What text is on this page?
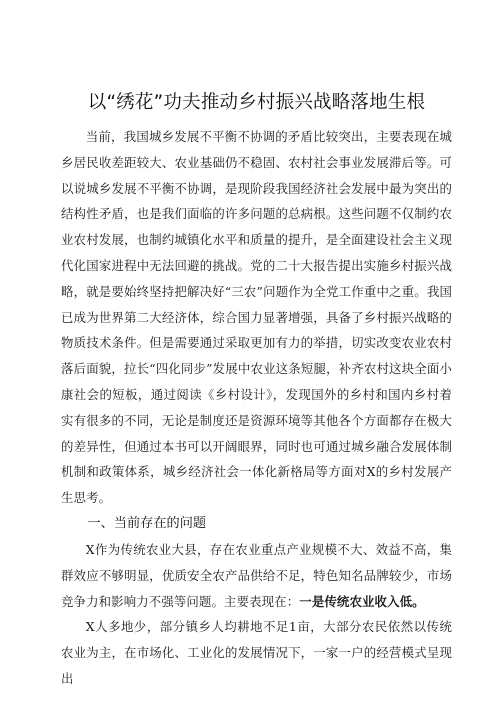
以“绣花”功夫推动乡村振兴战略落地生根

当前，我国城乡发展不平衡不协调的矛盾比较突出，主要表现在城乡居民收差距较大、农业基础仍不稳固、农村社会事业发展滞后等。可以说城乡发展不平衡不协调，是现阶段我国经济社会发展中最为突出的结构性矛盾，也是我们面临的许多问题的总病根。这些问题不仅制约农业农村发展，也制约城镇化水平和质量的提升，是全面建设社会主义现代化国家进程中无法回避的挑战。党的二十大报告提出实施乡村振兴战略，就是要始终坚持把解决好“三农”问题作为全党工作重中之重。我国已成为世界第二大经济体，综合国力显著增强，具备了乡村振兴战略的物质技术条件。但是需要通过采取更加有力的举措，切实改变农业农村落后面貌，拉长“四化同步”发展中农业这条短腿，补齐农村这块全面小康社会的短板，通过阅读《乡村设计》，发现国外的乡村和国内乡村着实有很多的不同，无论是制度还是资源环境等其他各个方面都存在极大的差异性，但通过本书可以开阔眼界，同时也可通过城乡融合发展体制机制和政策体系，城乡经济社会一体化新格局等方面对X的乡村发展产生思考。

一、当前存在的问题

X作为传统农业大县，存在农业重点产业规模不大、效益不高，集群效应不够明显，优质安全农产品供给不足，特色知名品牌较少，市场竞争力和影响力不强等问题。主要表现在：一是传统农业收入低。

X人多地少，部分镇乡人均耕地不足1亩，大部分农民依然以传统农业为主，在市场化、工业化的发展情况下，一家一户的经营模式呈现出
